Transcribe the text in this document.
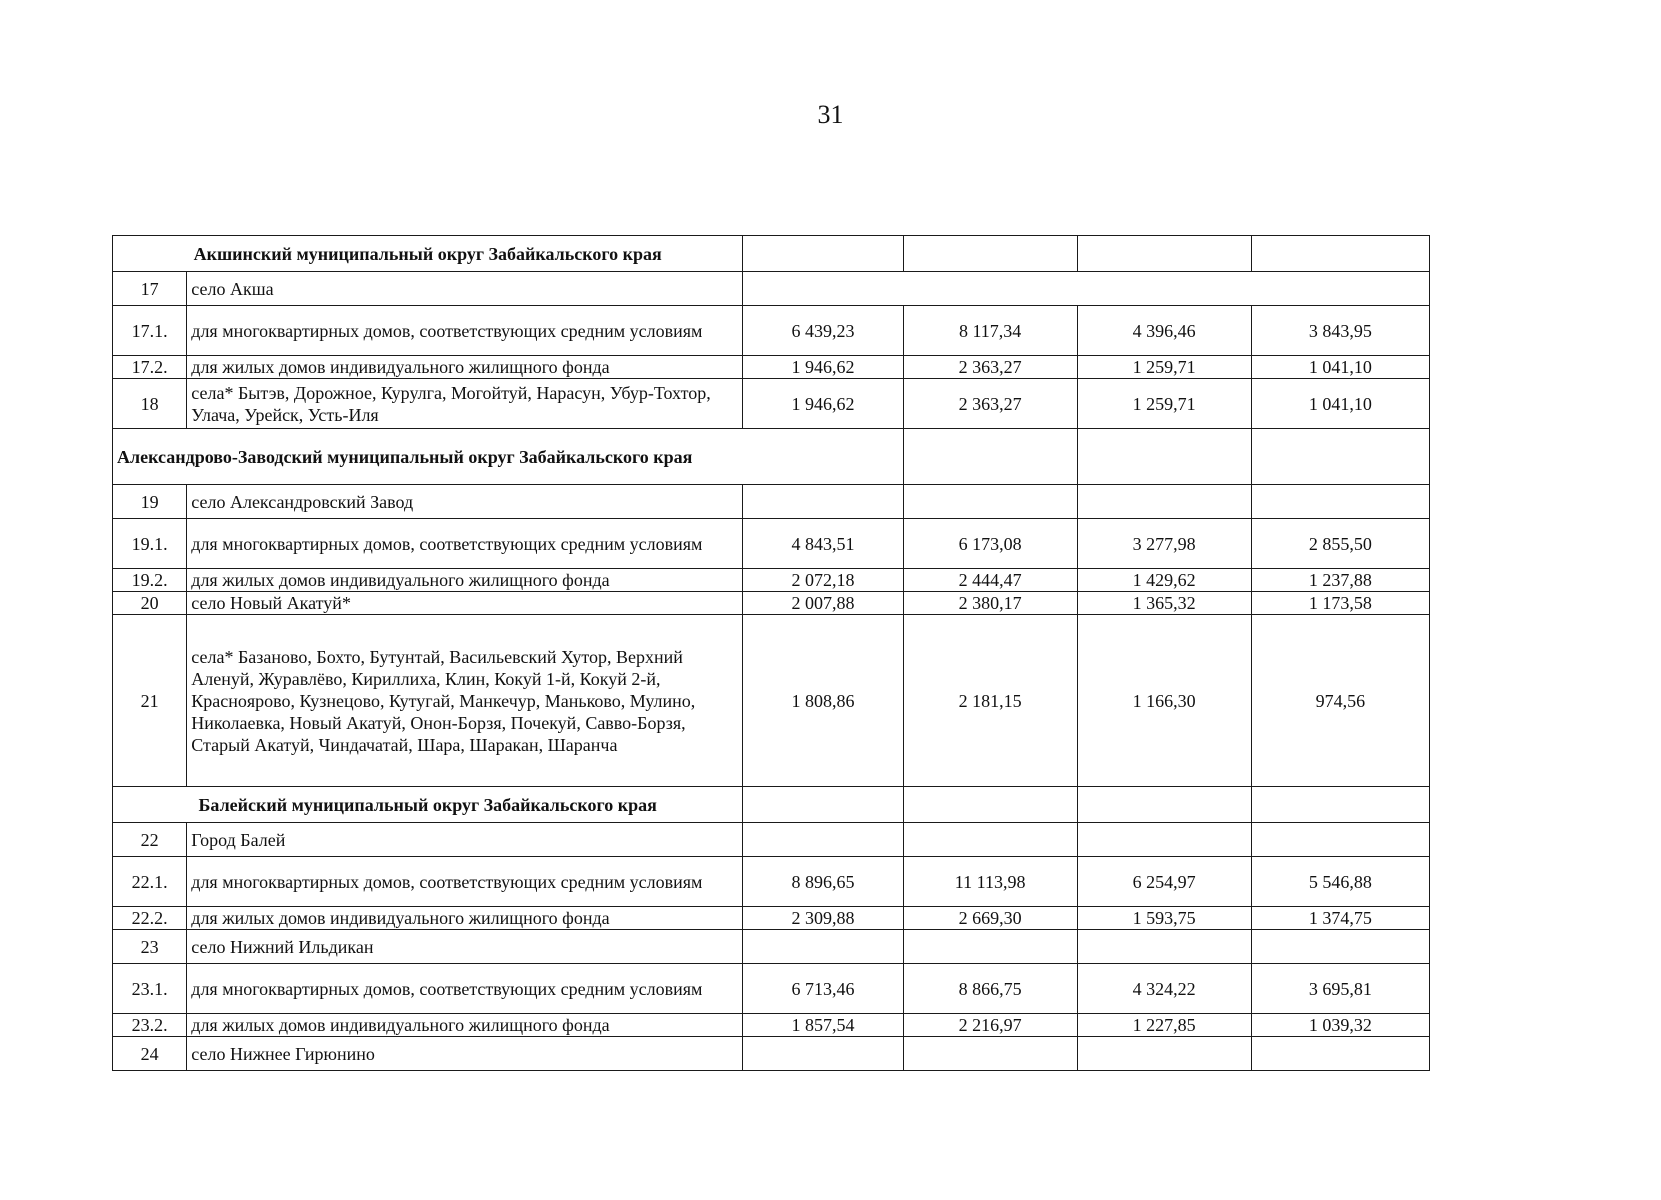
31
Акшинский муниципальный округ Забайкальского края					
17	село Акша				
17.1.	для многоквартирных домов, соответствующих средним условиям	6 439,23	8 117,34	4 396,46	3 843,95
17.2.	для жилых домов индивидуального жилищного фонда	1 946,62	2 363,27	1 259,71	1 041,10
18	села* Бытэв, Дорожное, Курулга, Могойтуй, Нарасун, Убур-Тохтор, Улача, Урейск, Усть-Иля	1 946,62	2 363,27	1 259,71	1 041,10
Александрово-Заводский муниципальный округ Забайкальского края					
19	село Александровский Завод				
19.1.	для многоквартирных домов, соответствующих средним условиям	4 843,51	6 173,08	3 277,98	2 855,50
19.2.	для жилых домов индивидуального жилищного фонда	2 072,18	2 444,47	1 429,62	1 237,88
20	село Новый Акатуй*	2 007,88	2 380,17	1 365,32	1 173,58
21	села* Базаново, Бохто, Бутунтай, Васильевский Хутор, Верхний Аленуй, Журавлёво, Кириллиха, Клин, Кокуй 1-й, Кокуй 2-й, Краснoярово, Кузнецово, Кутугай, Манкечур, Маньково, Мулино, Николаевка, Новый Акатуй, Онон-Борзя, Почекуй, Савво-Борзя, Старый Акатуй, Чиндачатай, Шара, Шаракан, Шаранча	1 808,86	2 181,15	1 166,30	974,56
Балейский муниципальный округ Забайкальского края					
22	Город Балей				
22.1.	для многоквартирных домов, соответствующих средним условиям	8 896,65	11 113,98	6 254,97	5 546,88
22.2.	для жилых домов индивидуального жилищного фонда	2 309,88	2 669,30	1 593,75	1 374,75
23	село Нижний Ильдикан				
23.1.	для многоквартирных домов, соответствующих средним условиям	6 713,46	8 866,75	4 324,22	3 695,81
23.2.	для жилых домов индивидуального жилищного фонда	1 857,54	2 216,97	1 227,85	1 039,32
24	село Нижнее Гирюнино				
